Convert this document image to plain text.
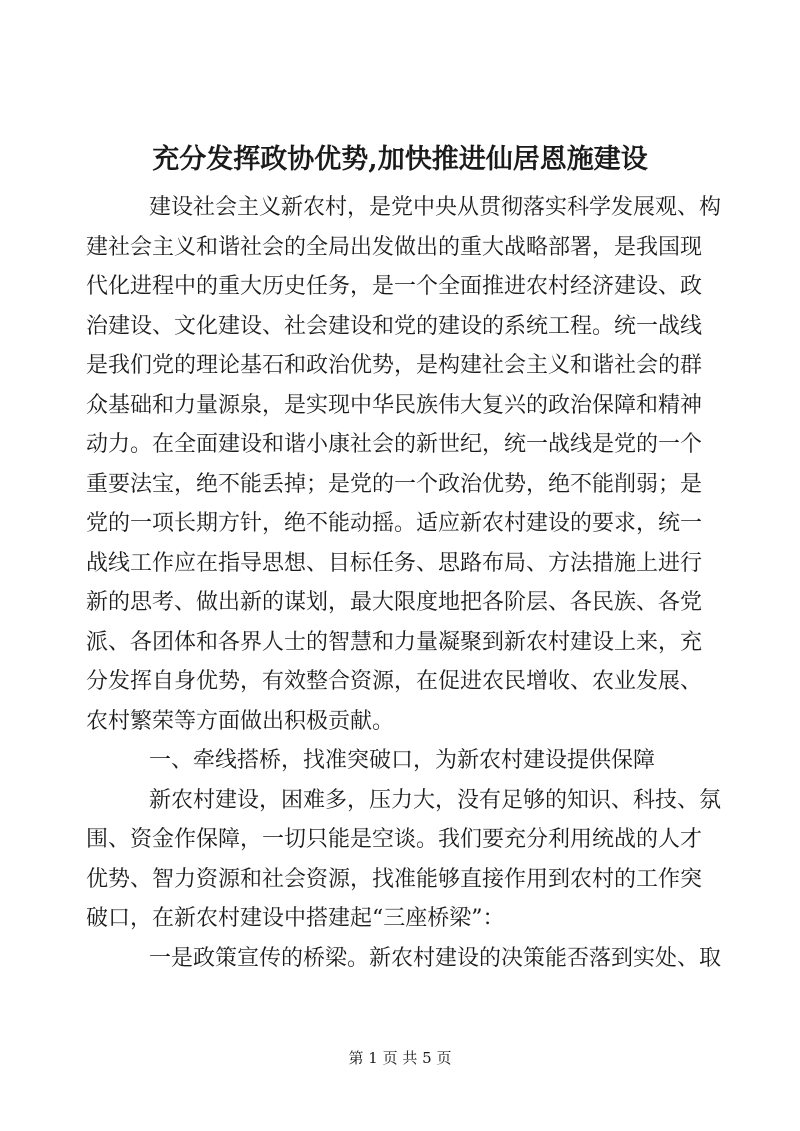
充分发挥政协优势,加快推进仙居恩施建设
建设社会主义新农村，是党中央从贯彻落实科学发展观、构
建社会主义和谐社会的全局出发做出的重大战略部署，是我国现
代化进程中的重大历史任务，是一个全面推进农村经济建设、政
治建设、文化建设、社会建设和党的建设的系统工程。统一战线
是我们党的理论基石和政治优势，是构建社会主义和谐社会的群
众基础和力量源泉，是实现中华民族伟大复兴的政治保障和精神
动力。在全面建设和谐小康社会的新世纪，统一战线是党的一个
重要法宝，绝不能丢掉；是党的一个政治优势，绝不能削弱；是
党的一项长期方针，绝不能动摇。适应新农村建设的要求，统一
战线工作应在指导思想、目标任务、思路布局、方法措施上进行
新的思考、做出新的谋划，最大限度地把各阶层、各民族、各党
派、各团体和各界人士的智慧和力量凝聚到新农村建设上来，充
分发挥自身优势，有效整合资源，在促进农民增收、农业发展、
农村繁荣等方面做出积极贡献。
一、牵线搭桥，找准突破口，为新农村建设提供保障
新农村建设，困难多，压力大，没有足够的知识、科技、氛
围、资金作保障，一切只能是空谈。我们要充分利用统战的人才
优势、智力资源和社会资源，找准能够直接作用到农村的工作突
破口，在新农村建设中搭建起“三座桥梁”：
一是政策宣传的桥梁。新农村建设的决策能否落到实处、取
第 1 页 共 5 页
